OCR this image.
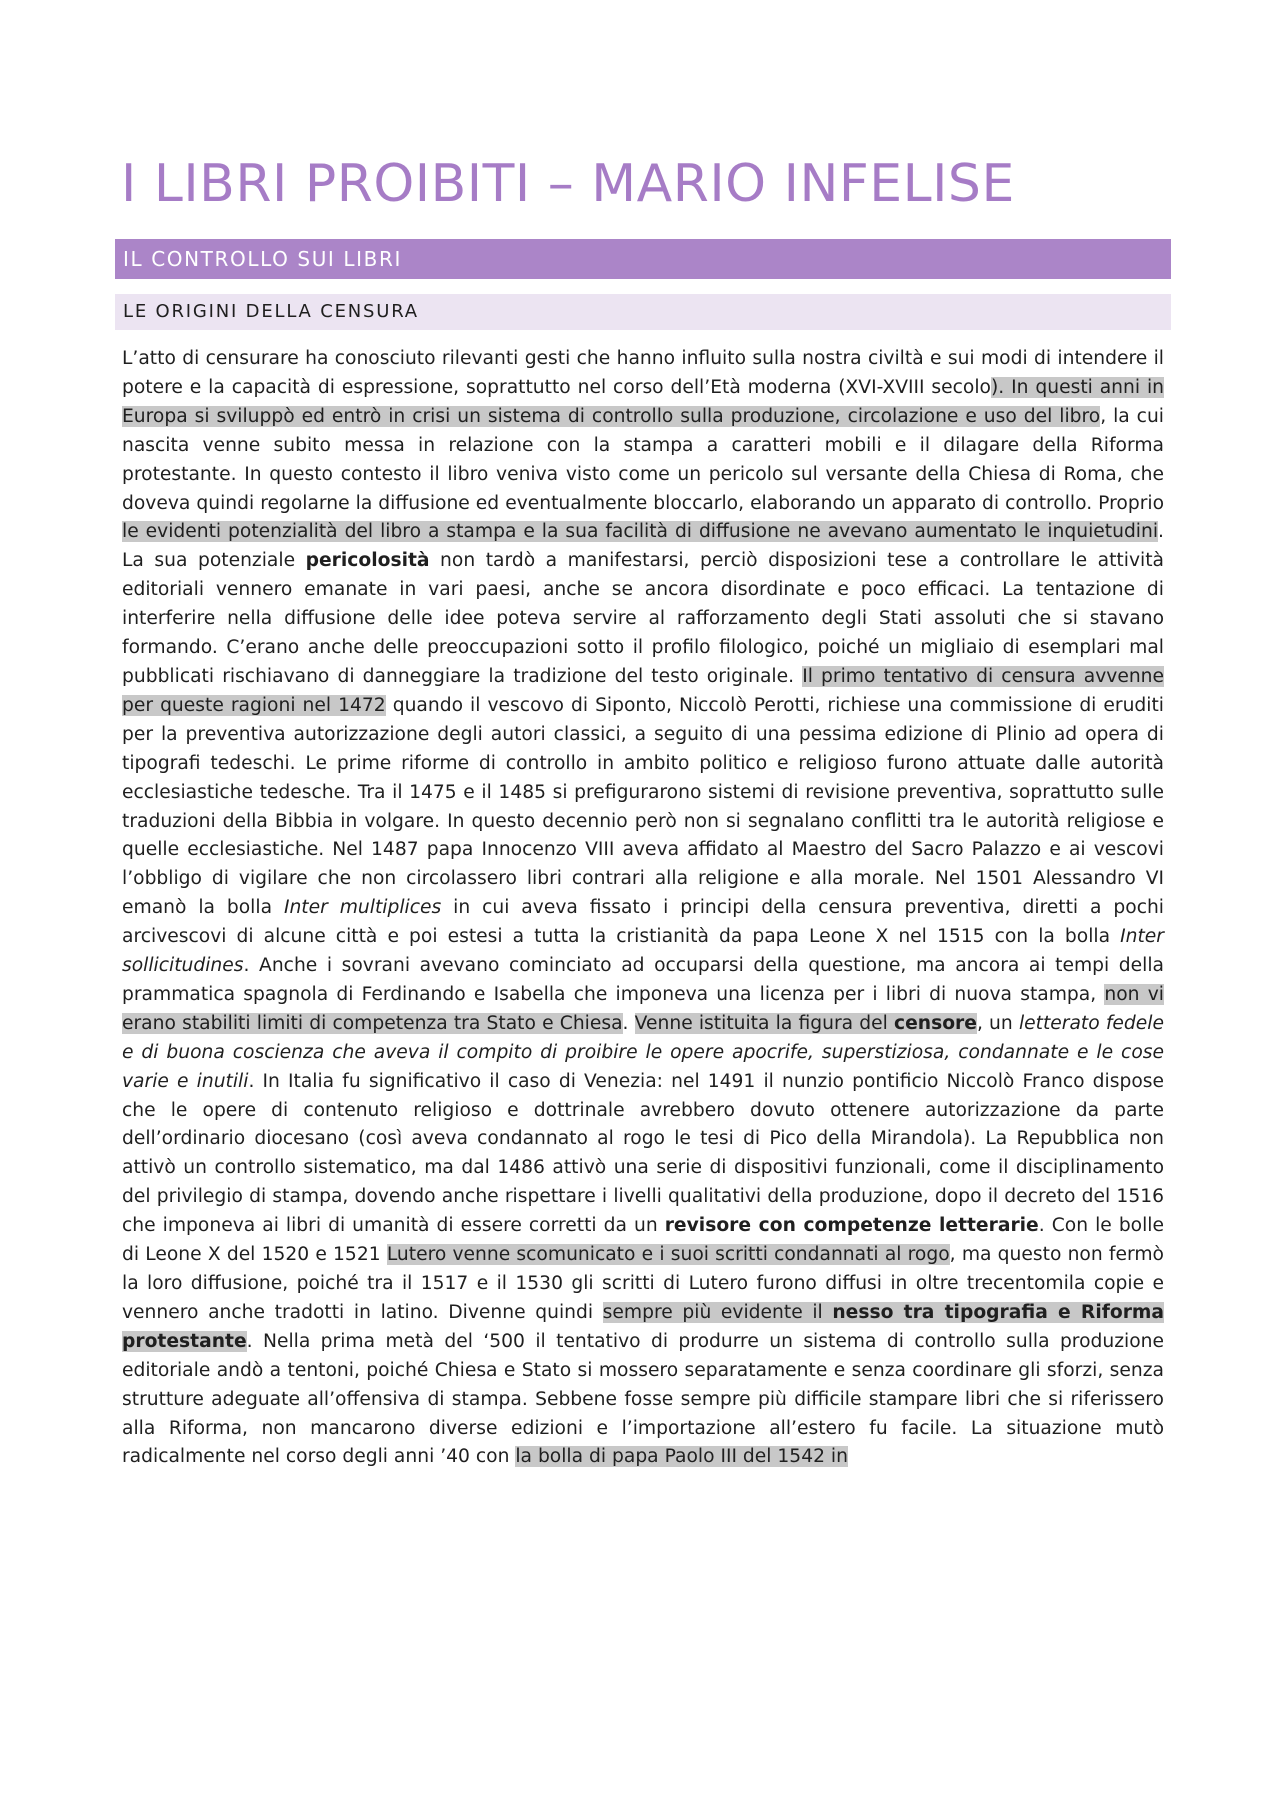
I LIBRI PROIBITI – MARIO INFELISE
IL CONTROLLO SUI LIBRI
LE ORIGINI DELLA CENSURA

L’atto di censurare ha conosciuto rilevanti gesti che hanno influito sulla nostra civiltà e sui modi di intendere il potere e la capacità di espressione, soprattutto nel corso dell’Età moderna (XVI-XVIII secolo). In questi anni in Europa si sviluppò ed entrò in crisi un sistema di controllo sulla produzione, circolazione e uso del libro, la cui nascita venne subito messa in relazione con la stampa a caratteri mobili e il dilagare della Riforma protestante. In questo contesto il libro veniva visto come un pericolo sul versante della Chiesa di Roma, che doveva quindi regolarne la diffusione ed eventualmente bloccarlo, elaborando un apparato di controllo. Proprio le evidenti potenzialità del libro a stampa e la sua facilità di diffusione ne avevano aumentato le inquietudini. La sua potenziale pericolosità non tardò a manifestarsi, perciò disposizioni tese a controllare le attività editoriali vennero emanate in vari paesi, anche se ancora disordinate e poco efficaci. La tentazione di interferire nella diffusione delle idee poteva servire al rafforzamento degli Stati assoluti che si stavano formando. C’erano anche delle preoccupazioni sotto il profilo filologico, poiché un migliaio di esemplari mal pubblicati rischiavano di danneggiare la tradizione del testo originale. Il primo tentativo di censura avvenne per queste ragioni nel 1472 quando il vescovo di Siponto, Niccolò Perotti, richiese una commissione di eruditi per la preventiva autorizzazione degli autori classici, a seguito di una pessima edizione di Plinio ad opera di tipografi tedeschi. Le prime riforme di controllo in ambito politico e religioso furono attuate dalle autorità ecclesiastiche tedesche. Tra il 1475 e il 1485 si prefigurarono sistemi di revisione preventiva, soprattutto sulle traduzioni della Bibbia in volgare. In questo decennio però non si segnalano conflitti tra le autorità religiose e quelle ecclesiastiche. Nel 1487 papa Innocenzo VIII aveva affidato al Maestro del Sacro Palazzo e ai vescovi l’obbligo di vigilare che non circolassero libri contrari alla religione e alla morale. Nel 1501 Alessandro VI emanò la bolla Inter multiplices in cui aveva fissato i principi della censura preventiva, diretti a pochi arcivescovi di alcune città e poi estesi a tutta la cristianità da papa Leone X nel 1515 con la bolla Inter sollicitudines. Anche i sovrani avevano cominciato ad occuparsi della questione, ma ancora ai tempi della prammatica spagnola di Ferdinando e Isabella che imponeva una licenza per i libri di nuova stampa, non vi erano stabiliti limiti di competenza tra Stato e Chiesa. Venne istituita la figura del censore, un letterato fedele e di buona coscienza che aveva il compito di proibire le opere apocrife, superstiziosa, condannate e le cose varie e inutili. In Italia fu significativo il caso di Venezia: nel 1491 il nunzio pontificio Niccolò Franco dispose che le opere di contenuto religioso e dottrinale avrebbero dovuto ottenere autorizzazione da parte dell’ordinario diocesano (così aveva condannato al rogo le tesi di Pico della Mirandola). La Repubblica non attivò un controllo sistematico, ma dal 1486 attivò una serie di dispositivi funzionali, come il disciplinamento del privilegio di stampa, dovendo anche rispettare i livelli qualitativi della produzione, dopo il decreto del 1516 che imponeva ai libri di umanità di essere corretti da un revisore con competenze letterarie. Con le bolle di Leone X del 1520 e 1521 Lutero venne scomunicato e i suoi scritti condannati al rogo, ma questo non fermò la loro diffusione, poiché tra il 1517 e il 1530 gli scritti di Lutero furono diffusi in oltre trecentomila copie e vennero anche tradotti in latino. Divenne quindi sempre più evidente il nesso tra tipografia e Riforma protestante. Nella prima metà del ‘500 il tentativo di produrre un sistema di controllo sulla produzione editoriale andò a tentoni, poiché Chiesa e Stato si mossero separatamente e senza coordinare gli sforzi, senza strutture adeguate all’offensiva di stampa. Sebbene fosse sempre più difficile stampare libri che si riferissero alla Riforma, non mancarono diverse edizioni e l’importazione all’estero fu facile. La situazione mutò radicalmente nel corso degli anni ’40 con la bolla di papa Paolo III del 1542 in
